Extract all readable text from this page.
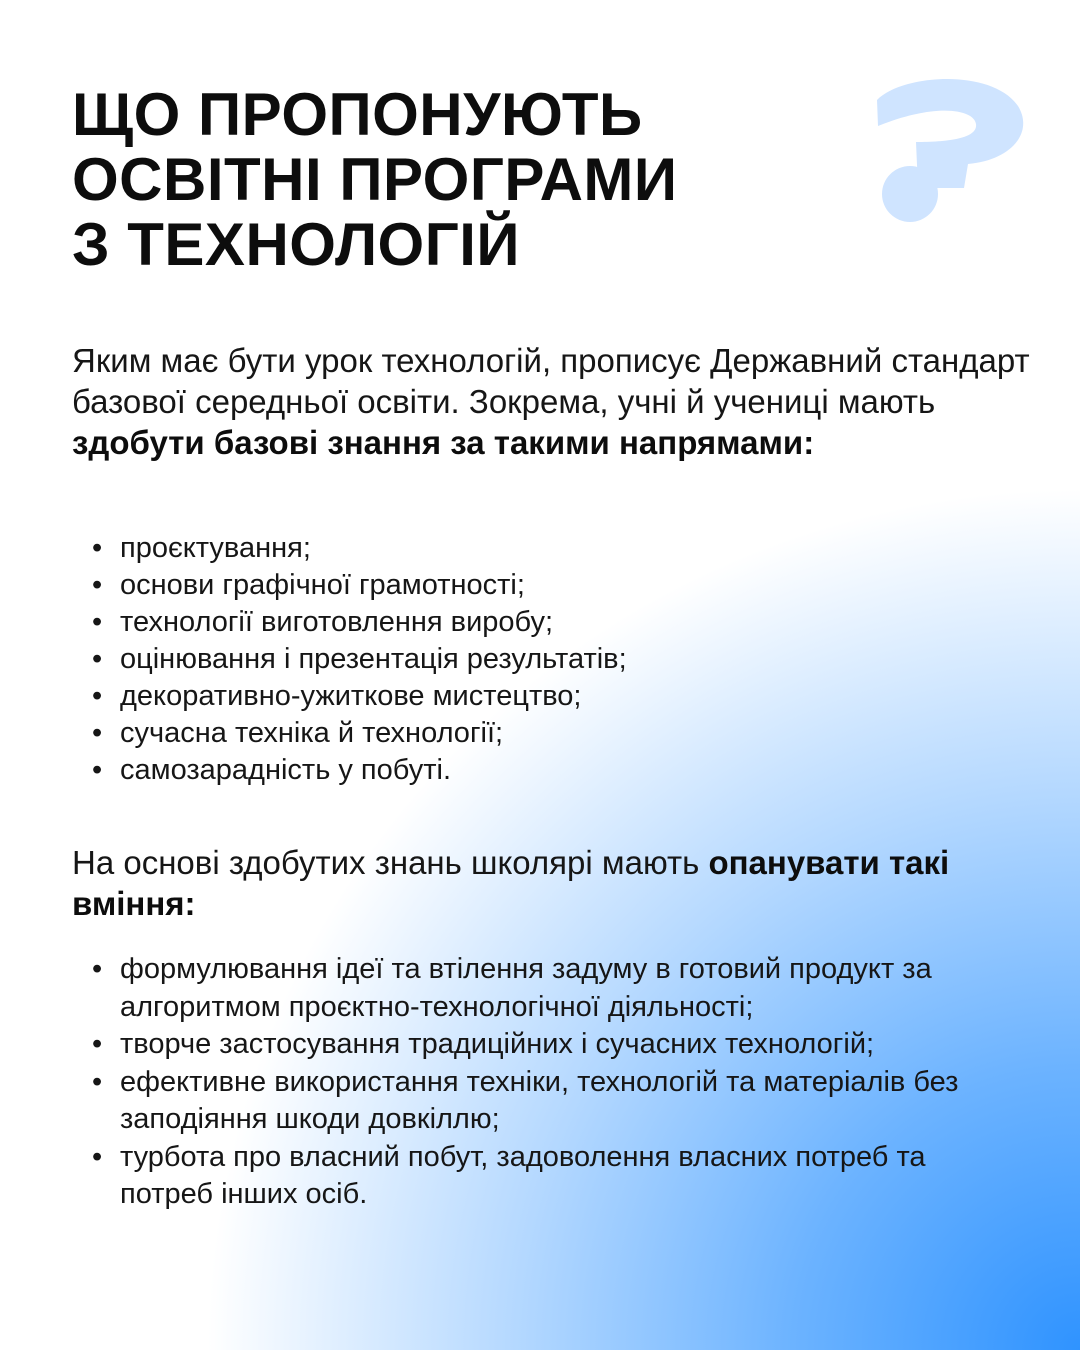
ЩО ПРОПОНУЮТЬ
ОСВІТНІ ПРОГРАМИ
З ТЕХНОЛОГІЙ

Яким має бути урок технологій, прописує Державний стандарт базової середньої освіти. Зокрема, учні й учениці мають здобути базові знання за такими напрямами:

• проєктування;
• основи графічної грамотності;
• технології виготовлення виробу;
• оцінювання і презентація результатів;
• декоративно-ужиткове мистецтво;
• сучасна техніка й технології;
• самозарадність у побуті.

На основі здобутих знань школярі мають опанувати такі вміння:

• формулювання ідеї та втілення задуму в готовий продукт за алгоритмом проєктно-технологічної діяльності;
• творче застосування традиційних і сучасних технологій;
• ефективне використання техніки, технологій та матеріалів без заподіяння шкоди довкіллю;
• турбота про власний побут, задоволення власних потреб та потреб інших осіб.
